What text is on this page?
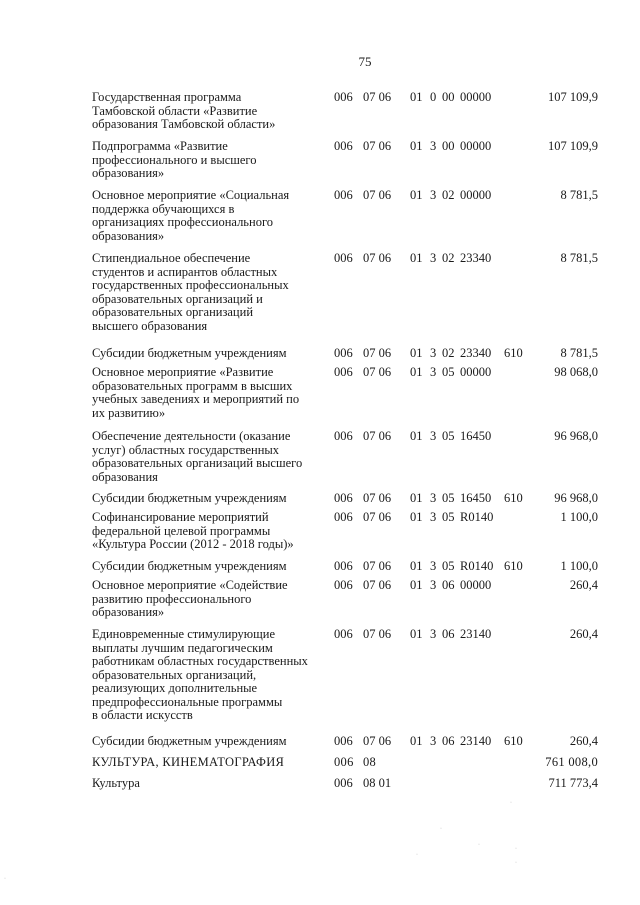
75
Государственная программа
Тамбовской области «Развитие
образования Тамбовской области»
006 07 06 01 0 00 00000	107 109,9
Подпрограмма «Развитие
профессионального и высшего
образования»
006 07 06 01 3 00 00000	107 109,9
Основное мероприятие «Социальная
поддержка обучающихся в
организациях профессионального
образования»
006 07 06 01 3 02 00000	8 781,5
Стипендиальное обеспечение
студентов и аспирантов областных
государственных профессиональных
образовательных организаций и
образовательных организаций
высшего образования
006 07 06 01 3 02 23340	8 781,5
Субсидии бюджетным учреждениям	006 07 06 01 3 02 23340 610	8 781,5
Основное мероприятие «Развитие
образовательных программ в высших
учебных заведениях и мероприятий по
их развитию»
006 07 06 01 3 05 00000	98 068,0
Обеспечение деятельности (оказание
услуг) областных государственных
образовательных организаций высшего
образования
006 07 06 01 3 05 16450	96 968,0
Субсидии бюджетным учреждениям	006 07 06 01 3 05 16450 610	96 968,0
Софинансирование мероприятий
федеральной целевой программы
«Культура России (2012 - 2018 годы)»
006 07 06 01 3 05 R0140	1 100,0
Субсидии бюджетным учреждениям	006 07 06 01 3 05 R0140 610	1 100,0
Основное мероприятие «Содействие
развитию профессионального
образования»
006 07 06 01 3 06 00000	260,4
Единовременные стимулирующие
выплаты лучшим педагогическим
работникам областных государственных
образовательных организаций,
реализующих дополнительные
предпрофессиональные программы
в области искусств
006 07 06 01 3 06 23140	260,4
Субсидии бюджетным учреждениям	006 07 06 01 3 06 23140 610	260,4
КУЛЬТУРА, КИНЕМАТОГРАФИЯ	006 08	761 008,0
Культура	006 08 01	711 773,4
·
·
·
·
·
·
·
